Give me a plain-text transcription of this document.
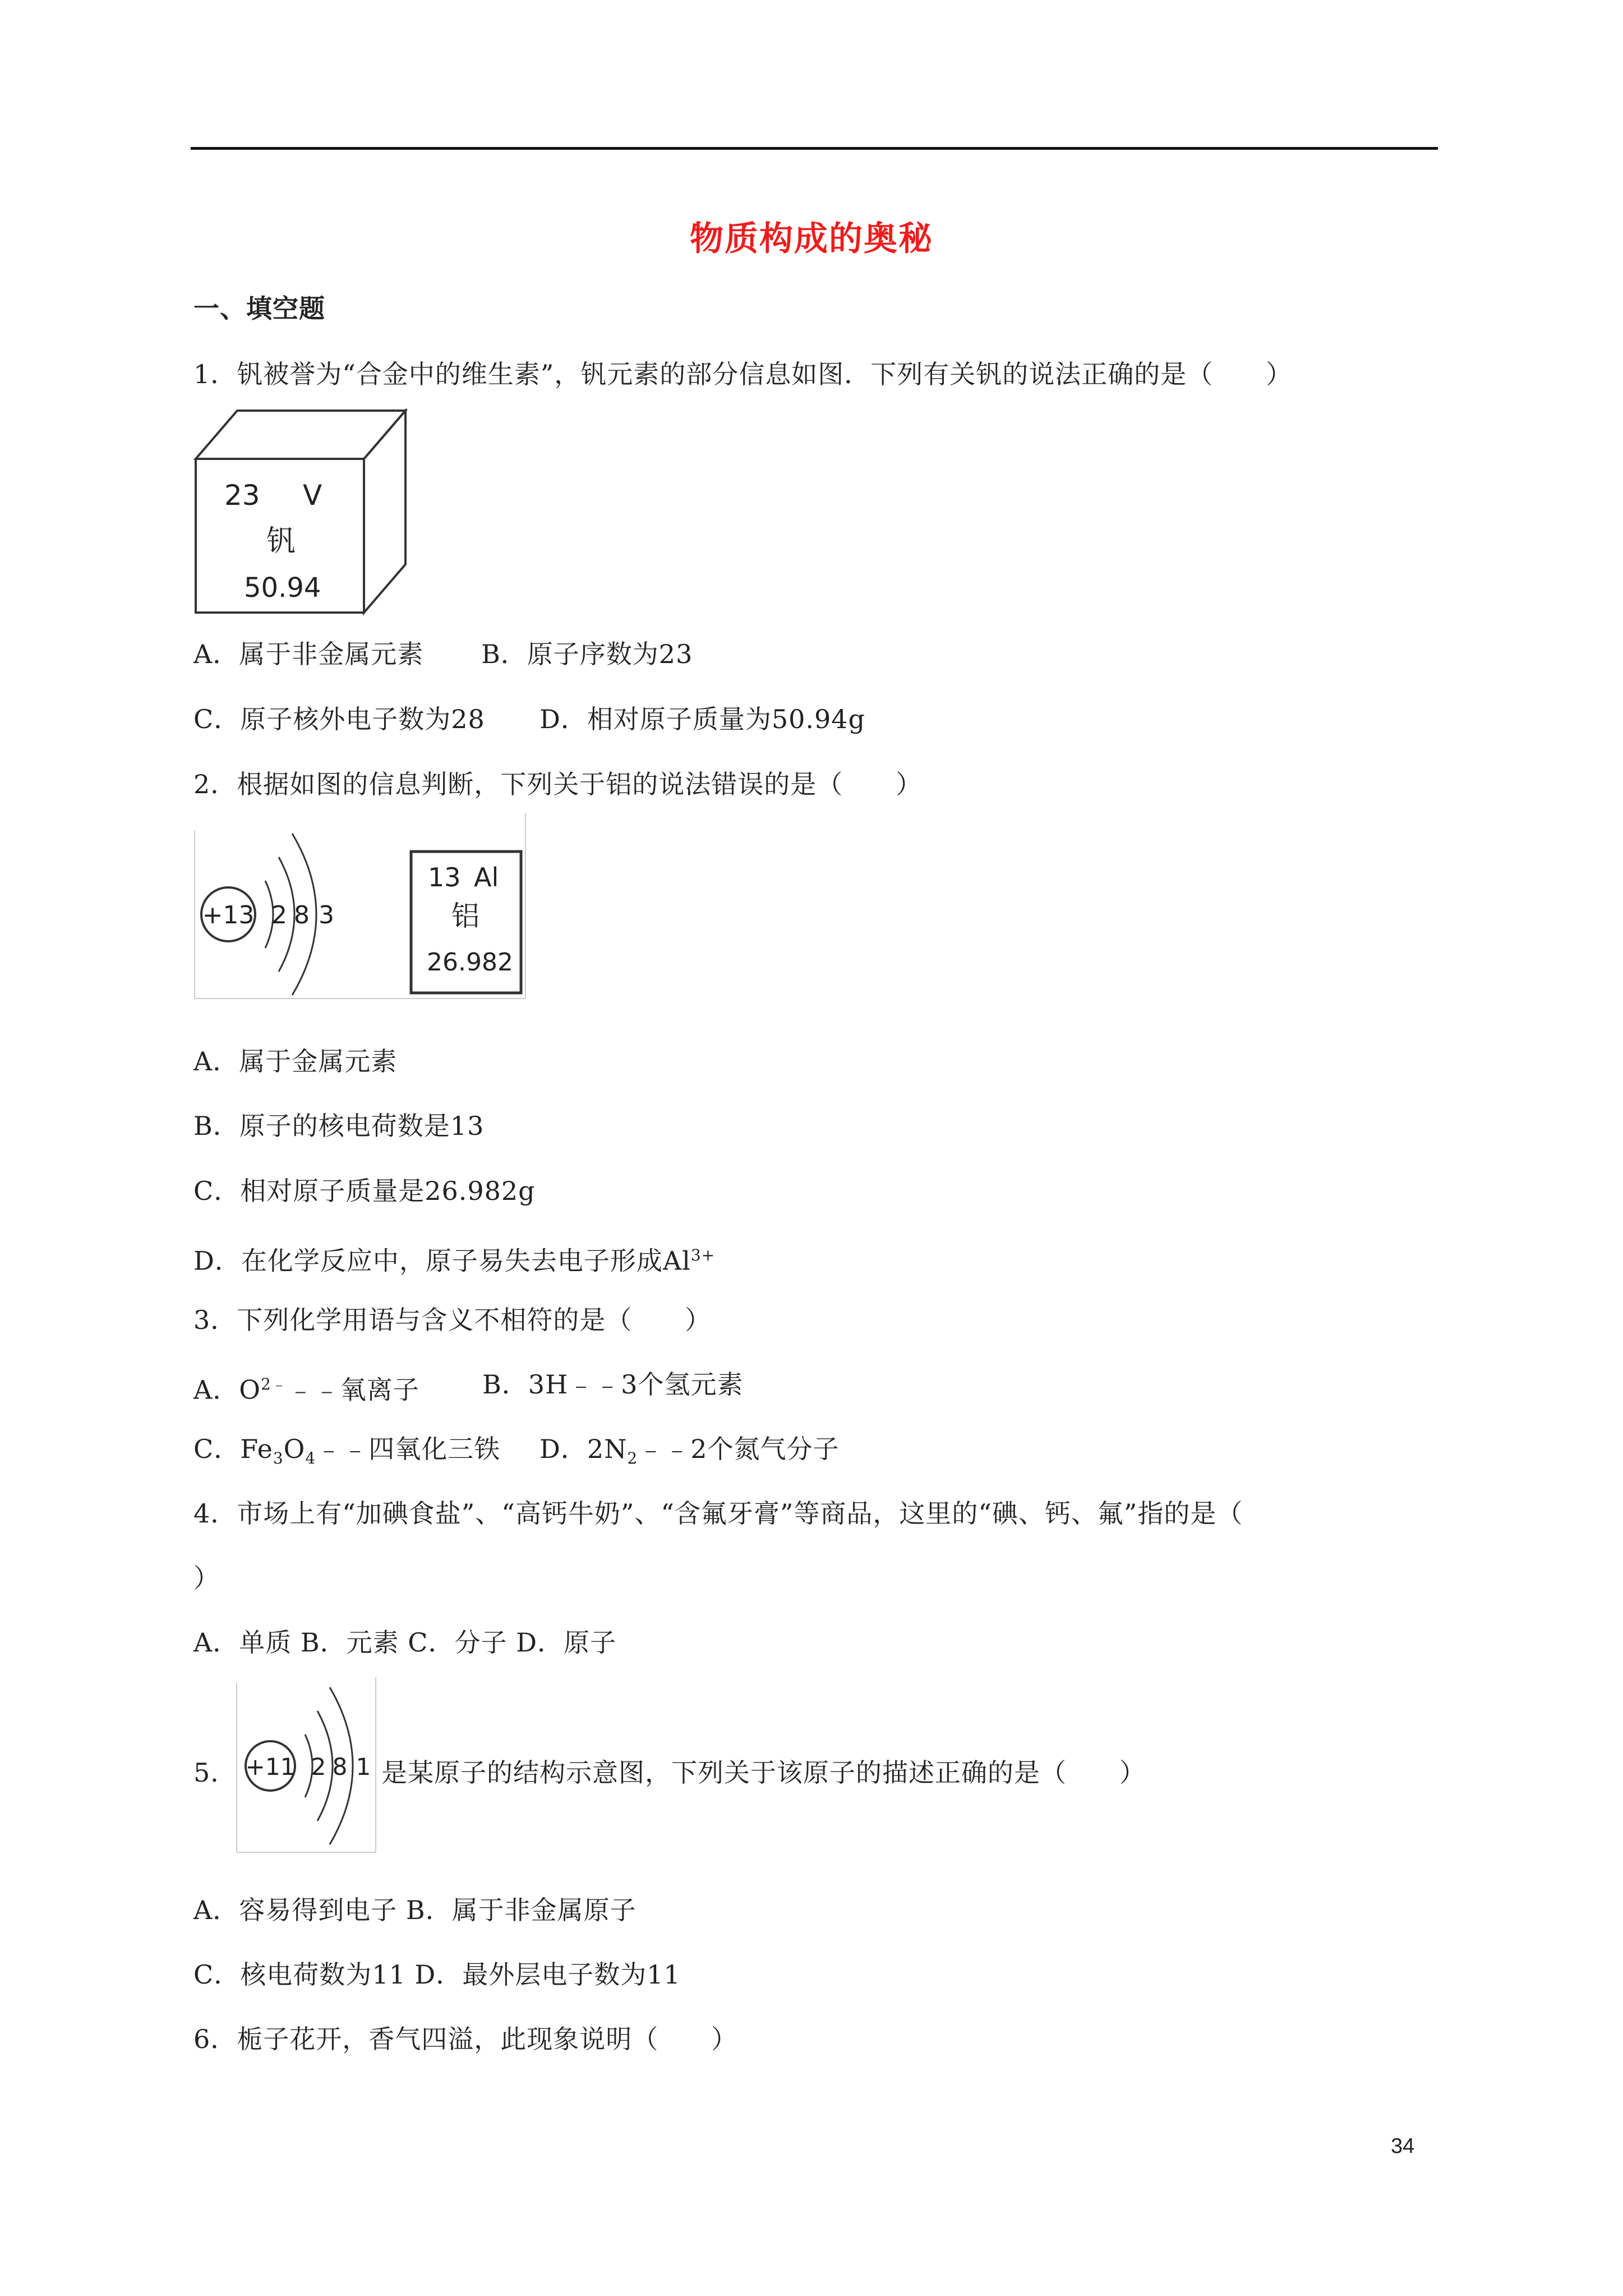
物质构成的奥秘
一、填空题
1．钒被誉为“合金中的维生素”，钒元素的部分信息如图．下列有关钒的说法正确的是（　　）
23 V
钒
50.94
A．属于非金属元素 B．原子序数为23
C．原子核外电子数为28 D．相对原子质量为50.94g
2．根据如图的信息判断，下列关于铝的说法错误的是（　　）
+13 2 8 3
13 Al
铝
26.982
A．属于金属元素
B．原子的核电荷数是13
C．相对原子质量是26.982g
D．在化学反应中，原子易失去电子形成$Al^{3+}$
3．下列化学用语与含义不相符的是（　　）
A．$O^{2﹣}﹣﹣$氧离子 B．3H﹣﹣3个氢元素
C．$Fe_3O_4﹣﹣$四氧化三铁 D．$2N_2﹣﹣2$个氮气分子
4．市场上有“加碘食盐”、“高钙牛奶”、“含氟牙膏”等商品，这里的“碘、钙、氟”指的是（
）
A．单质 B．元素 C．分子 D．原子
5． +11 2 8 1 是某原子的结构示意图，下列关于该原子的描述正确的是（　　）
A．容易得到电子 B．属于非金属原子
C．核电荷数为11 D．最外层电子数为11
6．栀子花开，香气四溢，此现象说明（　　）
34
